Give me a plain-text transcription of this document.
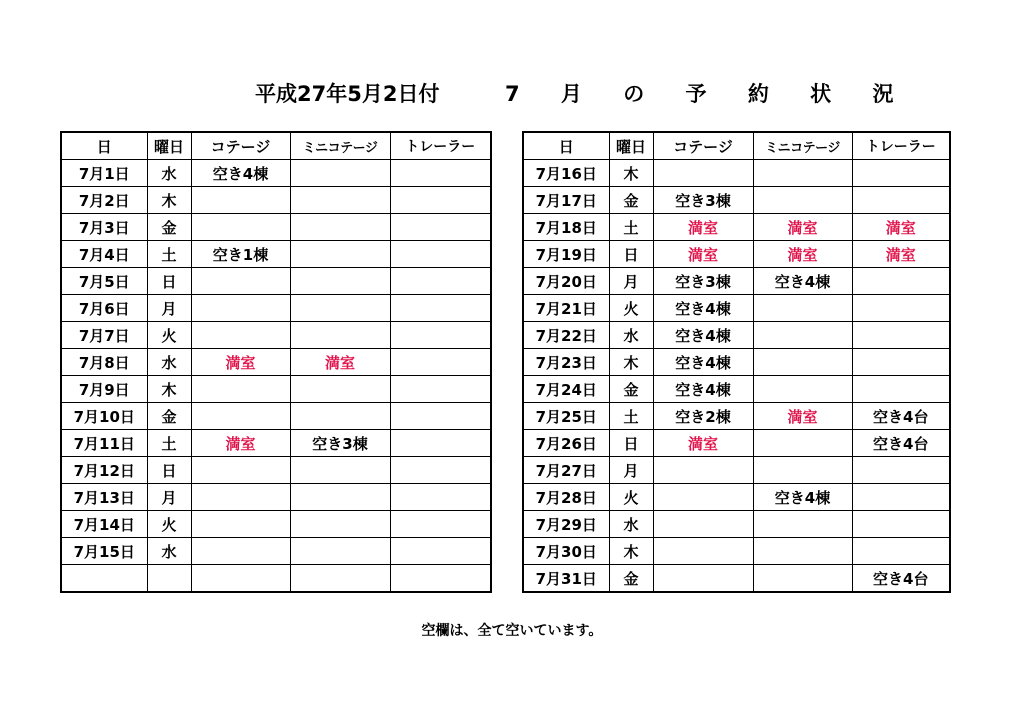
平成27年5月2日付	7 月 の 予 約 状 況
日	曜日	コテージ	ミニコテージ	トレーラー
7月1日	水	空き4棟		
7月2日	木			
7月3日	金			
7月4日	土	空き1棟		
7月5日	日			
7月6日	月			
7月7日	火			
7月8日	水	満室	満室	
7月9日	木			
7月10日	金			
7月11日	土	満室	空き3棟	
7月12日	日			
7月13日	月			
7月14日	火			
7月15日	水			

日	曜日	コテージ	ミニコテージ	トレーラー
7月16日	木			
7月17日	金	空き3棟		
7月18日	土	満室	満室	満室
7月19日	日	満室	満室	満室
7月20日	月	空き3棟	空き4棟	
7月21日	火	空き4棟		
7月22日	水	空き4棟		
7月23日	木	空き4棟		
7月24日	金	空き4棟		
7月25日	土	空き2棟	満室	空き4台
7月26日	日	満室		空き4台
7月27日	月			
7月28日	火		空き4棟	
7月29日	水			
7月30日	木			
7月31日	金			空き4台
空欄は、全て空いています。
